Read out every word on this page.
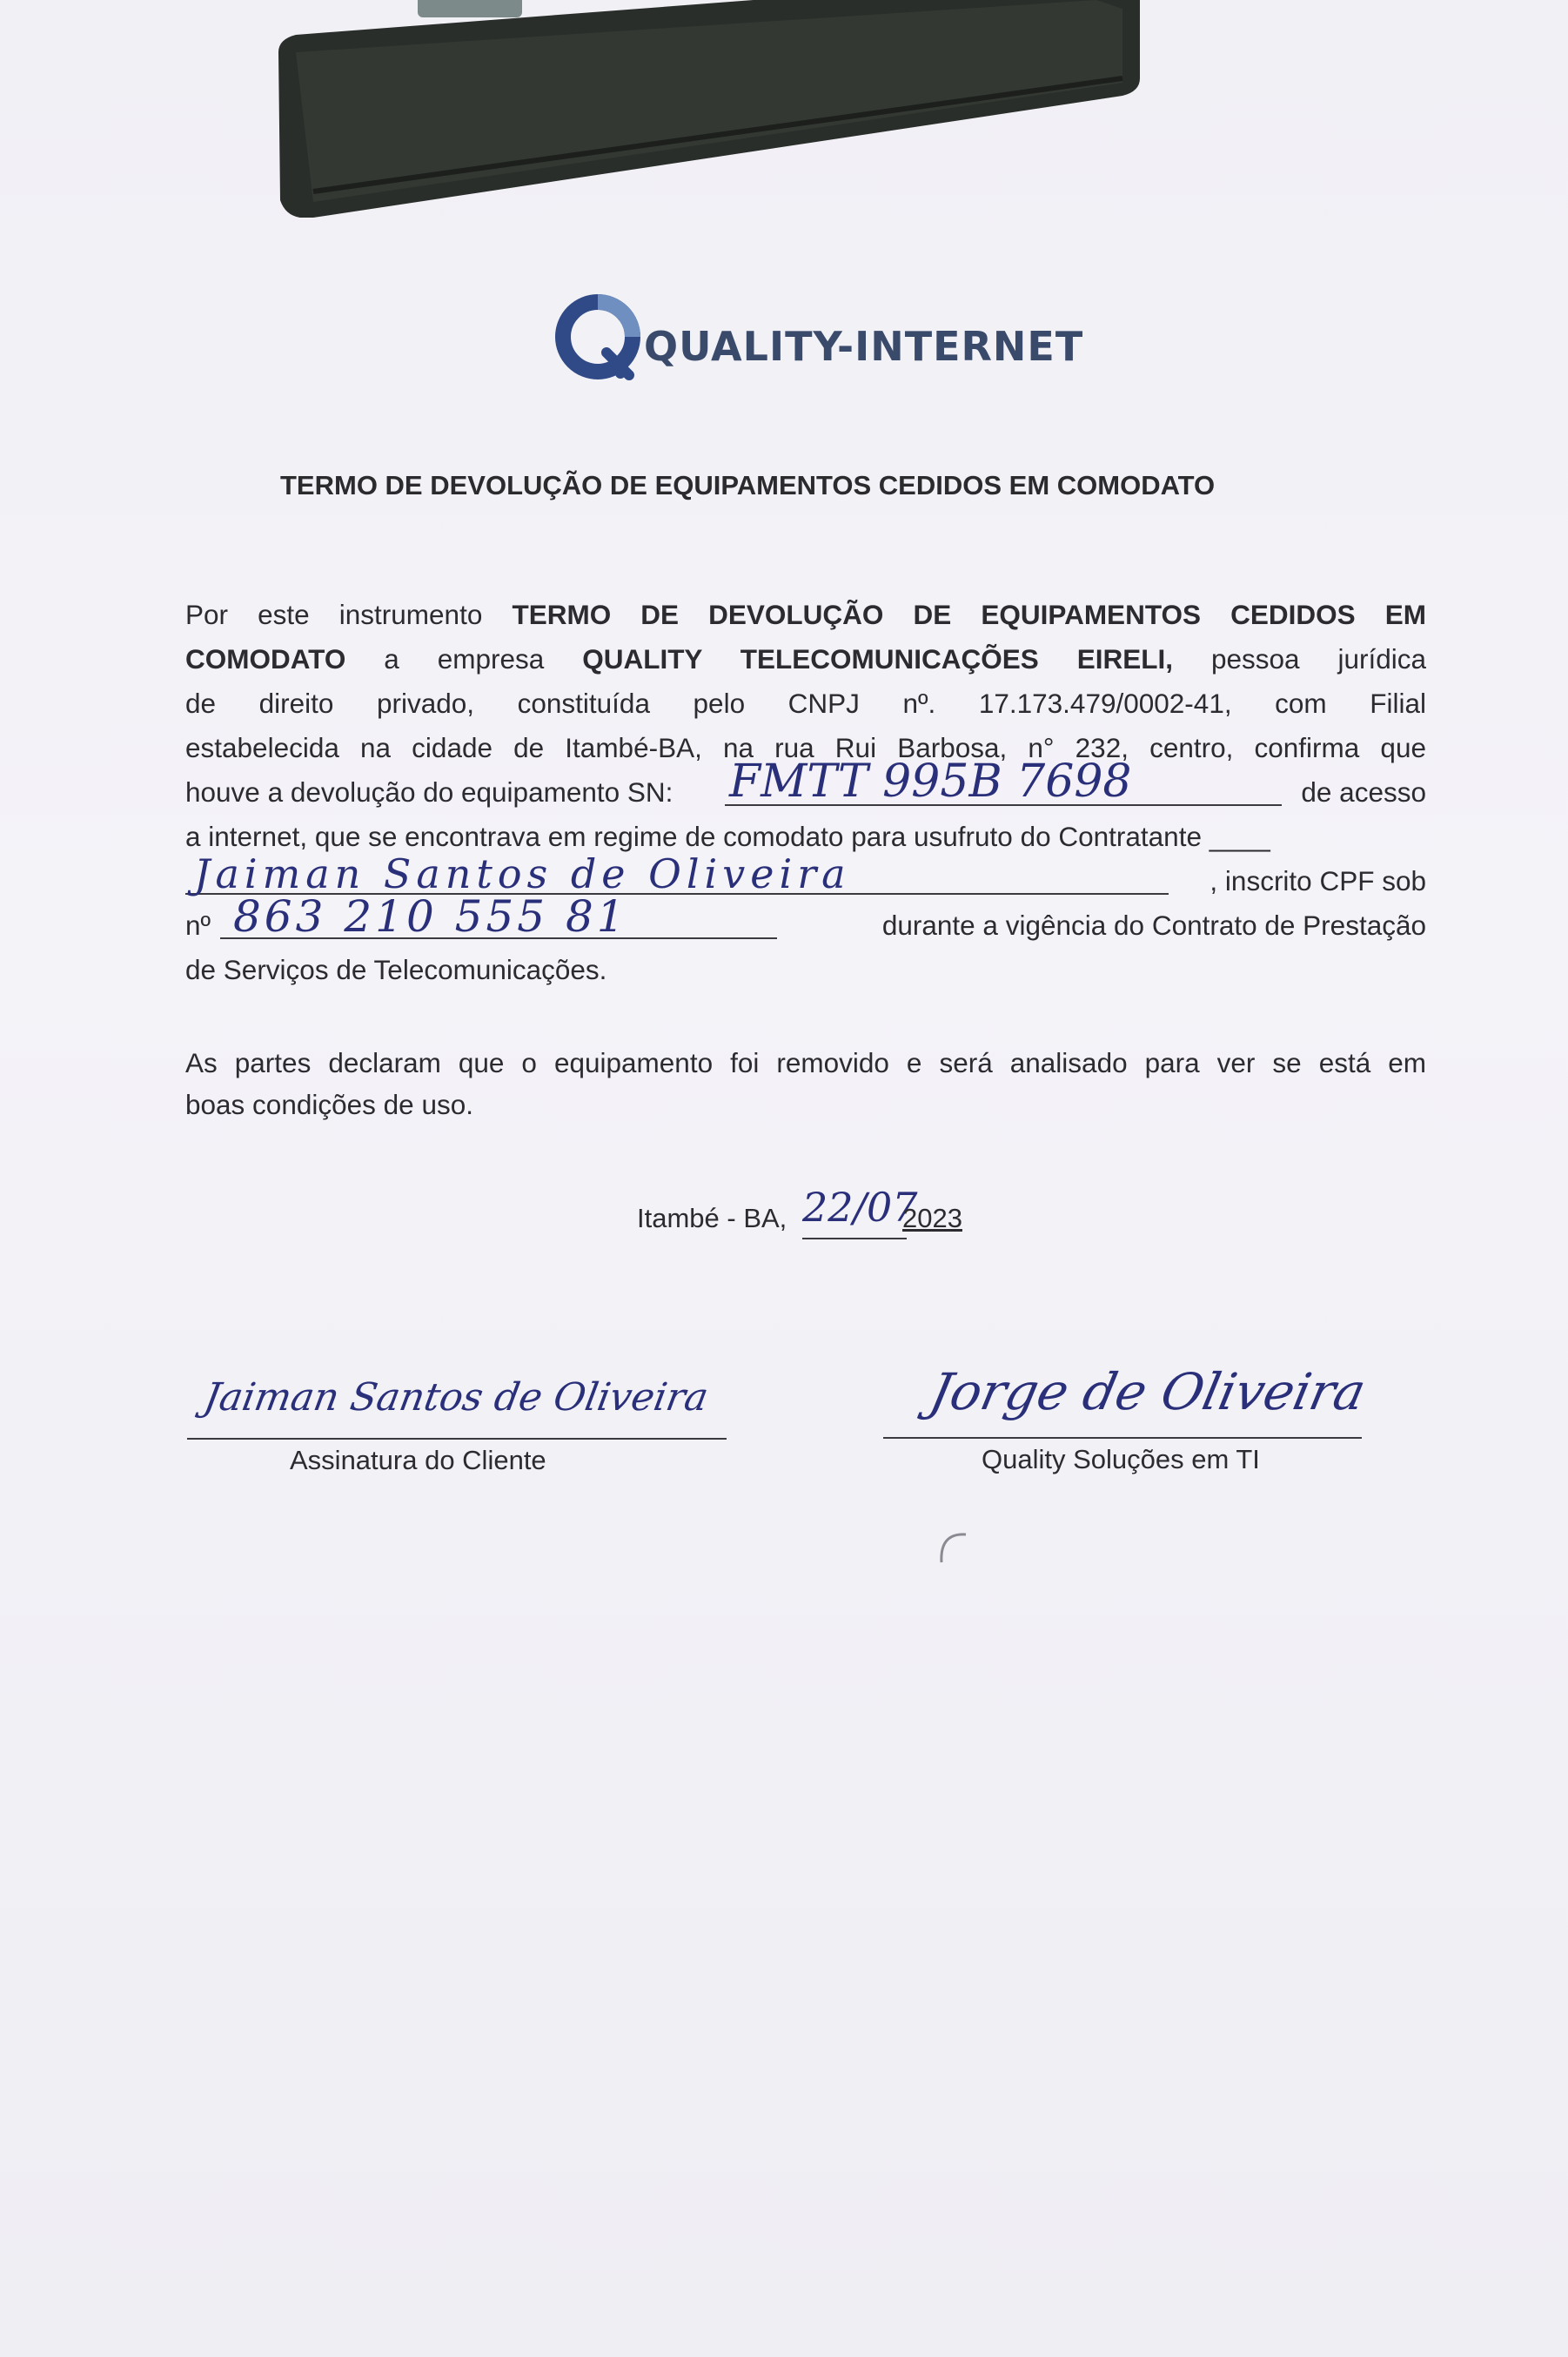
QUALITY-INTERNET
TERMO DE DEVOLUÇÃO DE EQUIPAMENTOS CEDIDOS EM COMODATO
Por este instrumento TERMO DE DEVOLUÇÃO DE EQUIPAMENTOS CEDIDOS EM
COMODATO a empresa QUALITY TELECOMUNICAÇÕES EIRELI, pessoa jurídica
de direito privado, constituída pelo CNPJ nº. 17.173.479/0002-41, com Filial
estabelecida na cidade de Itambé-BA, na rua Rui Barbosa, n° 232, centro, confirma que
houve a devolução do equipamento SN: FMTT 995B 7698	de acesso
a internet, que se encontrava em regime de comodato para usufruto do Contratante ____
Jaiman Santos de Oliveira	, inscrito CPF sob
nº 863 210 555 81	durante a vigência do Contrato de Prestação
de Serviços de Telecomunicações.
As partes declaram que o equipamento foi removido e será analisado para ver se está em
boas condições de uso.
Itambé - BA, 22/07
2023
Jaiman Santos de Oliveira
Assinatura do Cliente
Jorge de Oliveira
Quality Soluções em TI
